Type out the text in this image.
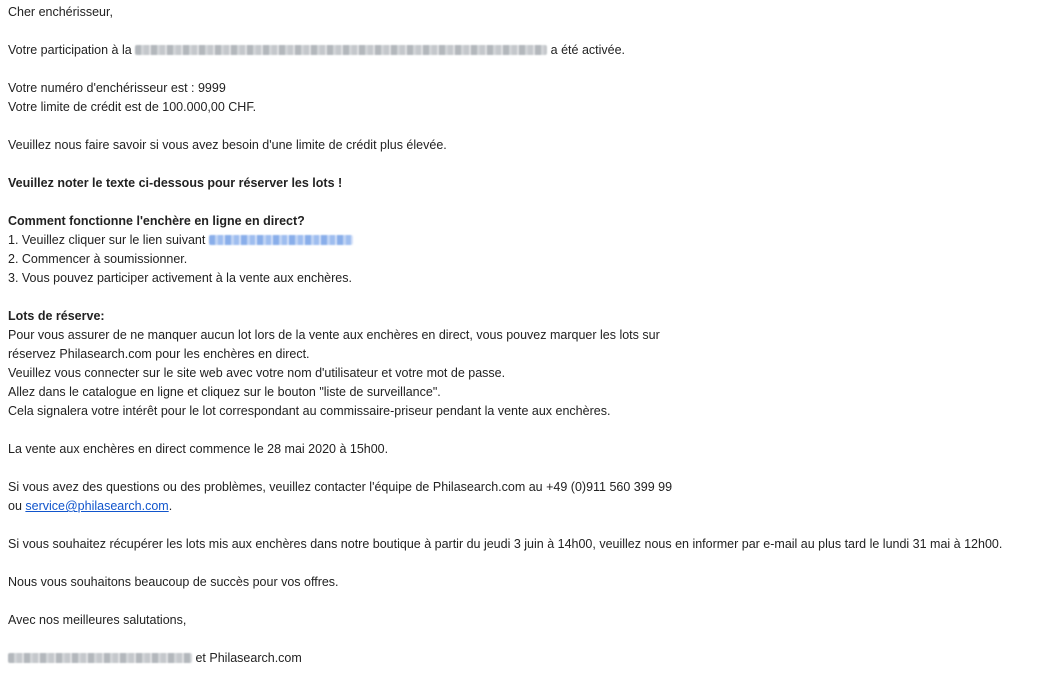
Cher enchérisseur,
Votre participation à la	a été activée.
Votre numéro d'enchérisseur est : 9999
Votre limite de crédit est de 100.000,00 CHF.
Veuillez nous faire savoir si vous avez besoin d'une limite de crédit plus élevée.
Veuillez noter le texte ci-dessous pour réserver les lots !
Comment fonctionne l'enchère en ligne en direct?
1. Veuillez cliquer sur le lien suivant
2. Commencer à soumissionner.
3. Vous pouvez participer activement à la vente aux enchères.
Lots de réserve:
Pour vous assurer de ne manquer aucun lot lors de la vente aux enchères en direct, vous pouvez marquer les lots sur
réservez Philasearch.com pour les enchères en direct.
Veuillez vous connecter sur le site web avec votre nom d'utilisateur et votre mot de passe.
Allez dans le catalogue en ligne et cliquez sur le bouton "liste de surveillance".
Cela signalera votre intérêt pour le lot correspondant au commissaire-priseur pendant la vente aux enchères.
La vente aux enchères en direct commence le 28 mai 2020 à 15h00.
Si vous avez des questions ou des problèmes, veuillez contacter l'équipe de Philasearch.com au +49 (0)911 560 399 99
ou service@philasearch.com.
Si vous souhaitez récupérer les lots mis aux enchères dans notre boutique à partir du jeudi 3 juin à 14h00, veuillez nous en informer par e-mail au plus tard le lundi 31 mai à 12h00.
Nous vous souhaitons beaucoup de succès pour vos offres.
Avec nos meilleures salutations,
et Philasearch.com
